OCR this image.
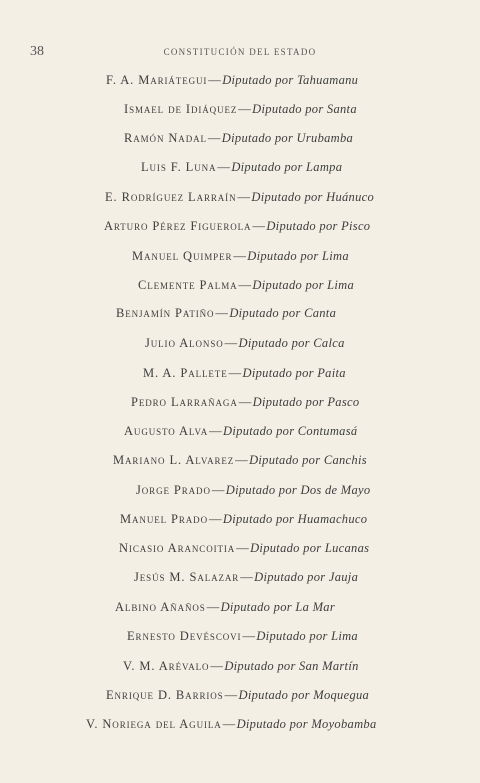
38	CONSTITUCIÓN DEL ESTADO
F. A. Mariátegui—Diputado por Tahuamanu
Ismael de Idiáquez—Diputado por Santa
Ramón Nadal—Diputado por Urubamba
Luis F. Luna—Diputado por Lampa
E. Rodríguez Larraín—Diputado por Huánuco
Arturo Pérez Figuerola—Diputado por Pisco
Manuel Quimper—Diputado por Lima
Clemente Palma—Diputado por Lima
Benjamín Patiño—Diputado por Canta
Julio Alonso—Diputado por Calca
M. A. Pallete—Diputado por Paita
Pedro Larrañaga—Diputado por Pasco
Augusto Alva—Diputado por Contumasá
Mariano L. Alvarez—Diputado por Canchis
Jorge Prado—Diputado por Dos de Mayo
Manuel Prado—Diputado por Huamachuco
Nicasio Arancoitia—Diputado por Lucanas
Jesús M. Salazar—Diputado por Jauja
Albino Añaños—Diputado por La Mar
Ernesto Devéscovi—Diputado por Lima
V. M. Arévalo—Diputado por San Martín
Enrique D. Barrios—Diputado por Moquegua
V. Noriega del Aguila—Diputado por Moyobamba
